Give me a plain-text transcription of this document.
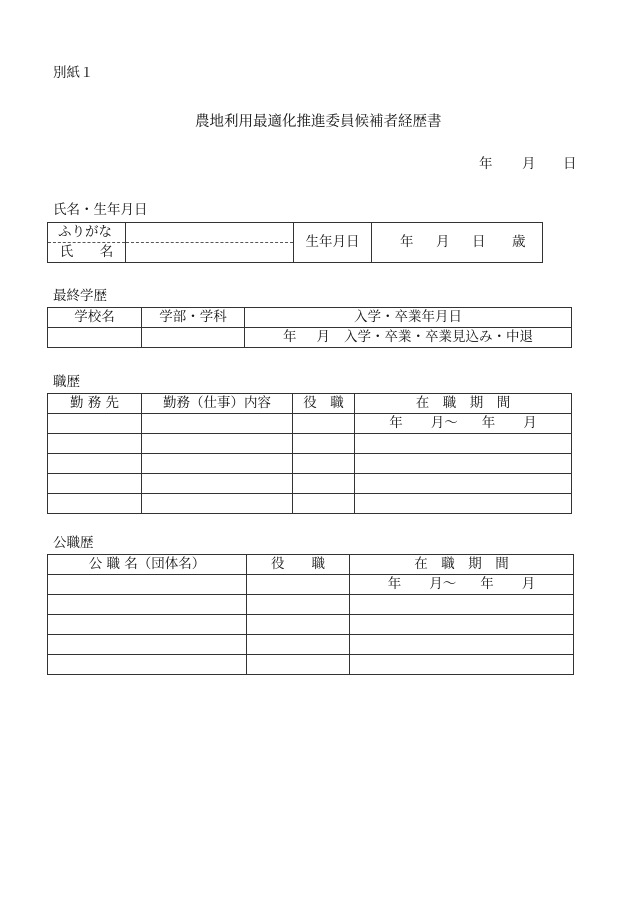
別紙１
農地利用最適化推進委員候補者経歴書
年 月 日
氏名・生年月日
ふりがな		生年月日	年 月 日 歳

氏 名			
最終学歴
学校名	学部・学科	入学・卒業年月日
		年 月 入学・卒業・卒業見込み・中退
職歴
勤 務 先	勤務（仕事）内容	役　職	在　職　期　間
			年 月～ 年 月

公職歴
公 職 名（団体名）	役　　職	在　職　期　間
		年 月～ 年 月
